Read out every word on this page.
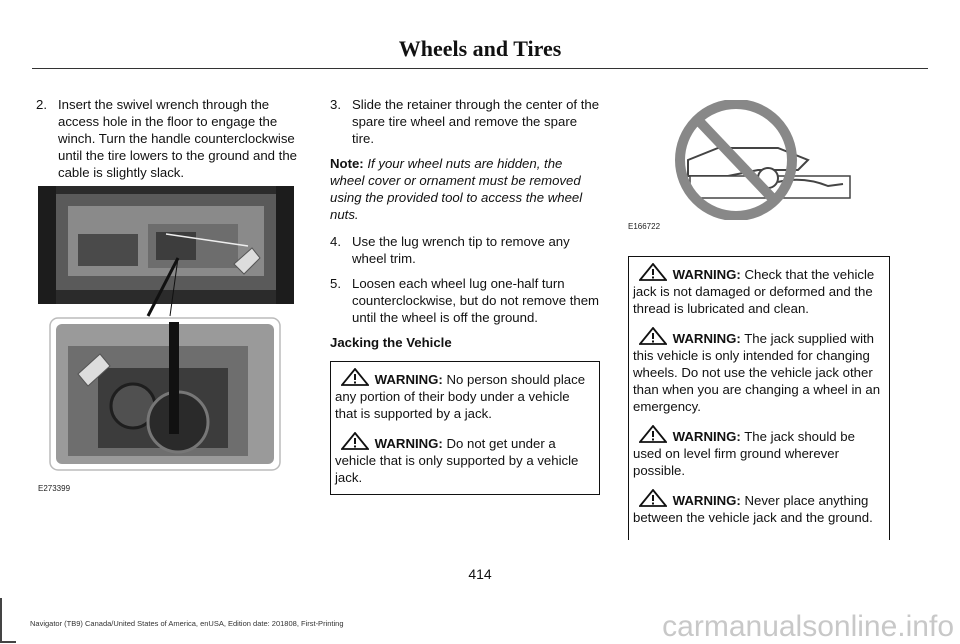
Wheels and Tires
2. Insert the swivel wrench through the access hole in the floor to engage the winch. Turn the handle counterclockwise until the tire lowers to the ground and the cable is slightly slack.
E273399
3. Slide the retainer through the center of the spare tire wheel and remove the spare tire.
Note: If your wheel nuts are hidden, the wheel cover or ornament must be removed using the provided tool to access the wheel nuts.
4. Use the lug wrench tip to remove any wheel trim.
5. Loosen each wheel lug one-half turn counterclockwise, but do not remove them until the wheel is off the ground.
Jacking the Vehicle
WARNING: No person should place any portion of their body under a vehicle that is supported by a jack.
WARNING: Do not get under a vehicle that is only supported by a vehicle jack.
E166722
WARNING: Check that the vehicle jack is not damaged or deformed and the thread is lubricated and clean.
WARNING: The jack supplied with this vehicle is only intended for changing wheels. Do not use the vehicle jack other than when you are changing a wheel in an emergency.
WARNING: The jack should be used on level firm ground wherever possible.
WARNING: Never place anything between the vehicle jack and the ground.
414
Navigator (TB9) Canada/United States of America, enUSA, Edition date: 201808, First-Printing	carmanualsonline.info
